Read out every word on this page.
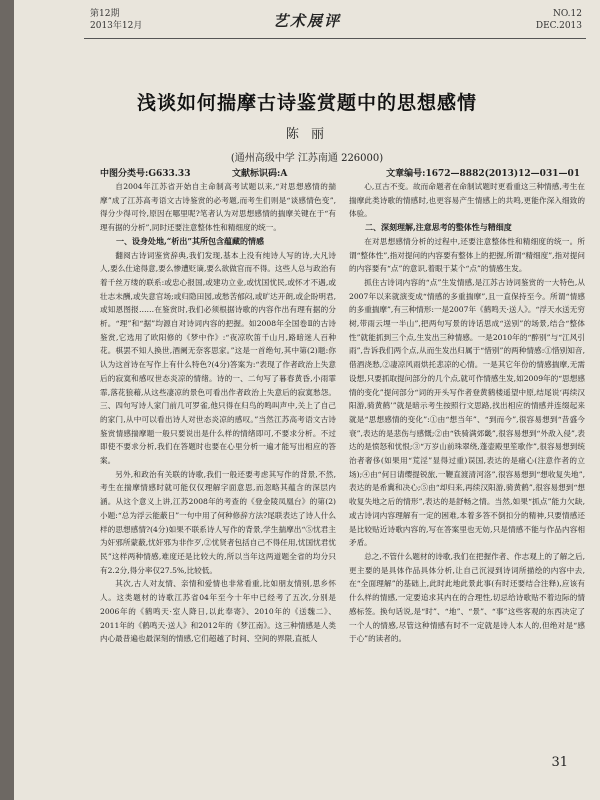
第12期
2013年12月	艺术展评	NO.12
DEC.2013
浅谈如何揣摩古诗鉴赏题中的思想感情
陈 丽
(通州高级中学 江苏南通 226000)
中图分类号:G633.33	文献标识码:A	文章编号:1672—8882(2013)12—031—01

自2004年江苏省开始自主命制高考试题以来,“对思想感情的揣摩”成了江苏高考语文古诗鉴赏的必考题,而考生们则是“谈感情色变”,得分少得可怜,原因在哪里呢?笔者认为对思想感情的揣摩关键在于“有理有据的分析”,同时还要注意整体性和精细度的统一。

一、设身处地,“析出”其所包含蕴藏的情感

翻阅古诗词鉴赏辞典,我们发现,基本上没有纯诗人写的诗,大凡诗人,要么仕途得意,要么惨遭贬谪,要么欲做官而不得。这些人总与政治有着千丝万缕的联系:或忠心报国,或建功立业,或忧国忧民,或怀才不遇,或壮志未酬,或失意官场;或归隐田园,或愁苦郁闷,或旷达开朗,或企盼明君,或知恩图报……在鉴赏时,我们必须根据诗歌的内容作出有理有据的分析。“理”和“据”均源自对诗词内容的把握。如2008年全国卷Ⅱ的古诗鉴赏,它选用了欧阳修的《梦中作》:“夜凉吹笛千山月,路暗迷人百种花。棋罢不知人换世,酒阑无奈客思家。”这是一首绝句,其中第(2)题:你认为这首诗在写作上有什么特色?(4分)答案为:“表现了作者政治上失意后的寂寞和感叹世态炎凉的情绪。诗的一、二句写了暮春黄昏,小雨霏霏,落花狼藉,从这些凄凉的景色可看出作者政治上失意后的寂寞愁怨。三、四句写诗人家门前几可罗雀,他只得在归鸟的鸣叫声中,关上了自己的家门,从中可以看出诗人对世态炎凉的感叹。”当然江苏高考语文古诗鉴赏情感揣摩题一般只要说出是什么样的情绪即可,不要求分析。不过即使不要求分析,我们在答题时也要在心里分析一遍才能写出相应的答案。

另外,和政治有关联的诗歌,我们一般还要考虑其写作的背景,不然,考生在揣摩情感时就可能仅仅理解字面意思,而忽略其蕴含的深层内涵。从这个意义上讲,江苏2008年的考查的《登金陵凤凰台》的第(2)小题:“总为浮云能蔽日”一句中用了何种修辞方法?尾联表达了诗人什么样的思想感情?(4分)如果不联系诗人写作的背景,学生揣摩出“⑤忧君主为奸邪所蒙蔽,忧奸邪为非作歹,②忧贤者包括自己不得任用,忧国忧君忧民”这样两种情感,难度还是比较大的,所以当年这两道题全省的均分只有2.2分,得分率仅27.5%,比较低。

其次,古人对友情、亲情和爱情也非常看重,比如朋友情别,思乡怀人。这类题材的诗歌江苏省04年至今十年中已经考了五次,分别是2006年的《鹤鸣天·室人降日,以此奉寄》、2010年的《送魏二》、2011年的《鹤鸣天·送人》和2012年的《梦江南》。这三种情感是人类内心最普遍也最深刻的情感,它们超越了时间、空间的界限,直抵人

心,亘古不变。故而命题者在命制试题时更看重这三种情感,考生在揣摩此类诗歌的情感时,也更容易产生情感上的共鸣,更能作深入细致的体验。

二、深刻理解,注意思考的整体性与精细度

在对思想感情分析的过程中,还要注意整体性和精细度的统一。所谓“整体性”,指对提问的内容要有整体上的把握,所谓“精细度”,指对提问的内容要有“点”的意识,着眼于某个“点”的情感生发。

抓住古诗词内容的“点”生发情感,是江苏古诗词鉴赏的一大特色,从2007年以来就演变成“情感的多重揣摩”,且一直保持至今。所谓“情感的多重揣摩”,有三种情形:一是2007年《鹤鸣天·送人》。“浮天水送无穷树,带雨云埋一半山”,把两句写景的诗话思成“送别”的场景,结合“整体性”就能抓到三个点,生发出三种情感。一是2010年的“醉别”与“江风引雨”,告诉我们两个点,从而生发出归属于“惜别”的两种情感:①惜别知音,借酒浇愁,②凄凉风雨烘托悲凉的心情。一是其它年份的情感揣摩,无需设想,只要抓取提问部分的几个点,就可作情感生发,如2009年的“思想感情的变化”提问部分“词的开头写作者登黄鹤楼遥望中原,结尾说‘再续汉阳游,骑黄鹤’”就是暗示考生按照行文思路,找出相应的情感并连缀起来就是“思想感情的变化”:①由“想当年”、“到而今”,很容易想到“昔盛今衰”,表达的是悲伤与感慨;②由“铁骑满郊畿”,很容易想到“外敌入侵”,表达的是愤怒和忧恨;③“万岁山前珠翠绕,蓬壶殿里笙歌作”,很容易想到统治者奢侈(如果用“荒淫”显得过重)误国,表达的是痛心(注意作者的立场);④由“何日请缨提锐旅,一鞭直渡清河洛”,很容易想到“想收复失地”,表达的是希冀和决心;⑤由“却归来,再续汉阳游,骑黄鹤”,很容易想到“想收复失地之后的情形”,表达的是舒畅之情。当然,如果“抓点”能力欠缺,或古诗词内容理解有一定的困难,本着多答不倒扣分的精神,只要情感还是比较贴近诗歌内容的,写在答案里也无妨,只是情感不能与作品内容相矛盾。

总之,不管什么题材的诗歌,我们在把握作者、作志观上的了解之后,更主要的是具体作品具体分析,让自己沉浸到诗词所描绘的内容中去,在“全面理解”的基础上,此时此地此景此事(有时还要结合注释),应该有什么样的情感,一定要追求其内在的合理性,切忌给诗歌贴不着边际的情感标签。换句话说,是“时”、“地”、“景”、“事”这些客观的东西决定了一个人的情感,尽管这种情感有时不一定就是诗人本人的,但绝对是“感于心”的读者的。

31
